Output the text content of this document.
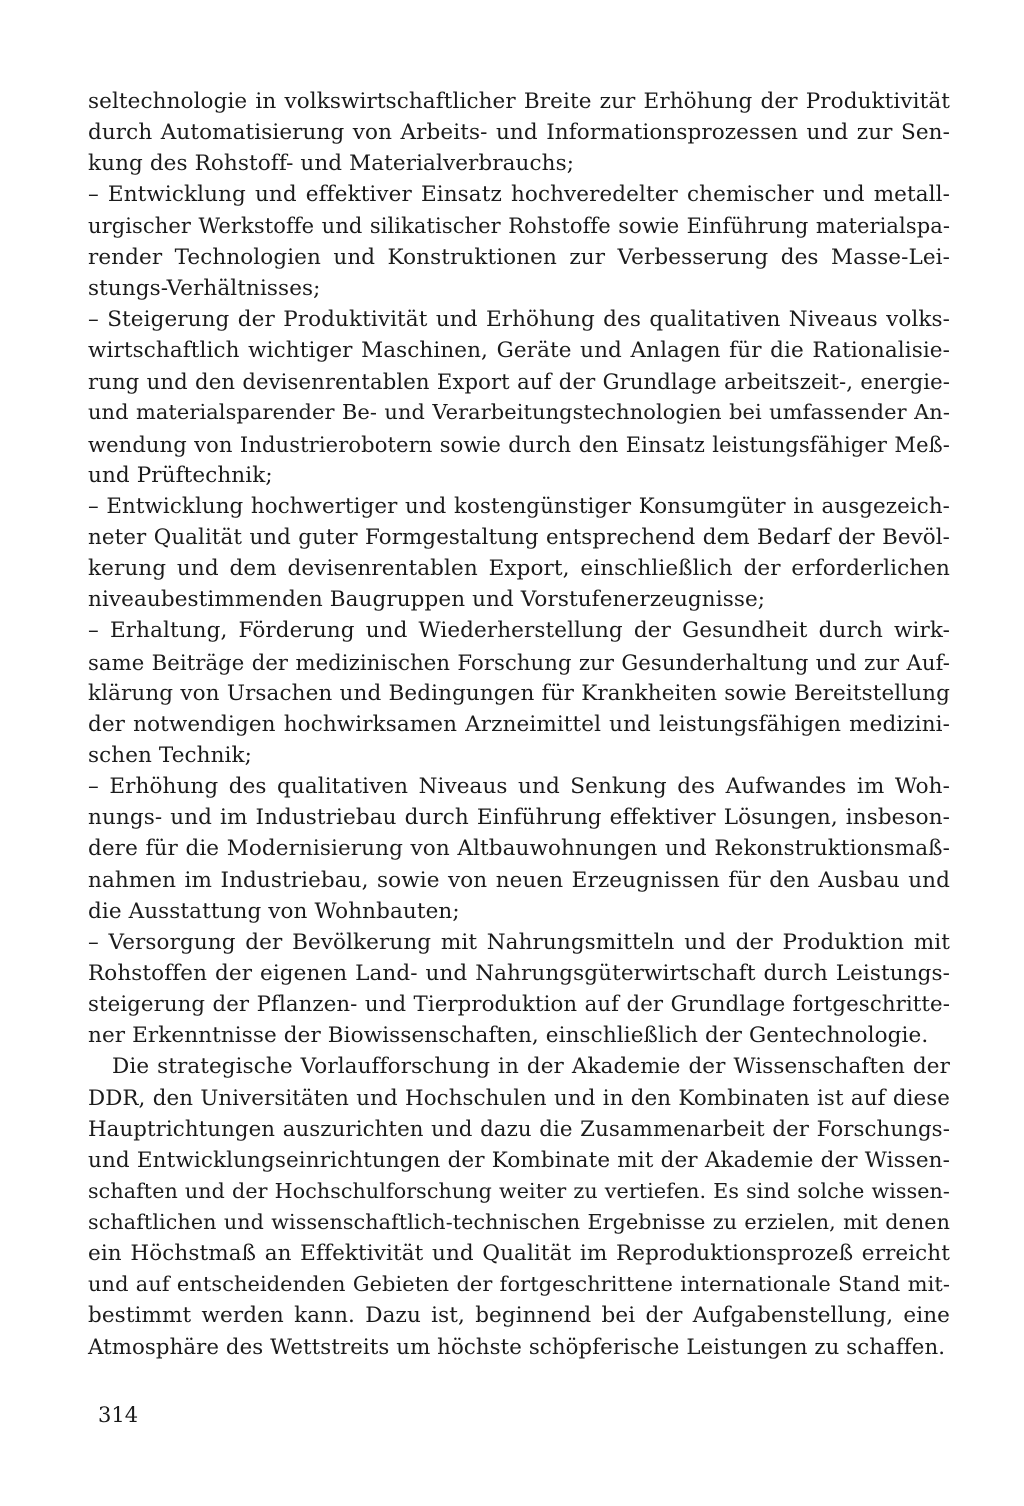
seltechnologie in volkswirtschaftlicher Breite zur Erhöhung der Produktivität
durch Automatisierung von Arbeits- und Informationsprozessen und zur Sen-
kung des Rohstoff- und Materialverbrauchs;
– Entwicklung und effektiver Einsatz hochveredelter chemischer und metall-
urgischer Werkstoffe und silikatischer Rohstoffe sowie Einführung materialspa-
render Technologien und Konstruktionen zur Verbesserung des Masse-Lei-
stungs-Verhältnisses;
– Steigerung der Produktivität und Erhöhung des qualitativen Niveaus volks-
wirtschaftlich wichtiger Maschinen, Geräte und Anlagen für die Rationalisie-
rung und den devisenrentablen Export auf der Grundlage arbeitszeit-, energie-
und materialsparender Be- und Verarbeitungstechnologien bei umfassender An-
wendung von Industrierobotern sowie durch den Einsatz leistungsfähiger Meß-
und Prüftechnik;
– Entwicklung hochwertiger und kostengünstiger Konsumgüter in ausgezeich-
neter Qualität und guter Formgestaltung entsprechend dem Bedarf der Bevöl-
kerung und dem devisenrentablen Export, einschließlich der erforderlichen
niveaubestimmenden Baugruppen und Vorstufenerzeugnisse;
– Erhaltung, Förderung und Wiederherstellung der Gesundheit durch wirk-
same Beiträge der medizinischen Forschung zur Gesunderhaltung und zur Auf-
klärung von Ursachen und Bedingungen für Krankheiten sowie Bereitstellung
der notwendigen hochwirksamen Arzneimittel und leistungsfähigen medizini-
schen Technik;
– Erhöhung des qualitativen Niveaus und Senkung des Aufwandes im Woh-
nungs- und im Industriebau durch Einführung effektiver Lösungen, insbeson-
dere für die Modernisierung von Altbauwohnungen und Rekonstruktionsmaß-
nahmen im Industriebau, sowie von neuen Erzeugnissen für den Ausbau und
die Ausstattung von Wohnbauten;
– Versorgung der Bevölkerung mit Nahrungsmitteln und der Produktion mit
Rohstoffen der eigenen Land- und Nahrungsgüterwirtschaft durch Leistungs-
steigerung der Pflanzen- und Tierproduktion auf der Grundlage fortgeschritte-
ner Erkenntnisse der Biowissenschaften, einschließlich der Gentechnologie.
Die strategische Vorlaufforschung in der Akademie der Wissenschaften der
DDR, den Universitäten und Hochschulen und in den Kombinaten ist auf diese
Hauptrichtungen auszurichten und dazu die Zusammenarbeit der Forschungs-
und Entwicklungseinrichtungen der Kombinate mit der Akademie der Wissen-
schaften und der Hochschulforschung weiter zu vertiefen. Es sind solche wissen-
schaftlichen und wissenschaftlich-technischen Ergebnisse zu erzielen, mit denen
ein Höchstmaß an Effektivität und Qualität im Reproduktionsprozeß erreicht
und auf entscheidenden Gebieten der fortgeschrittene internationale Stand mit-
bestimmt werden kann. Dazu ist, beginnend bei der Aufgabenstellung, eine
Atmosphäre des Wettstreits um höchste schöpferische Leistungen zu schaffen.
314
